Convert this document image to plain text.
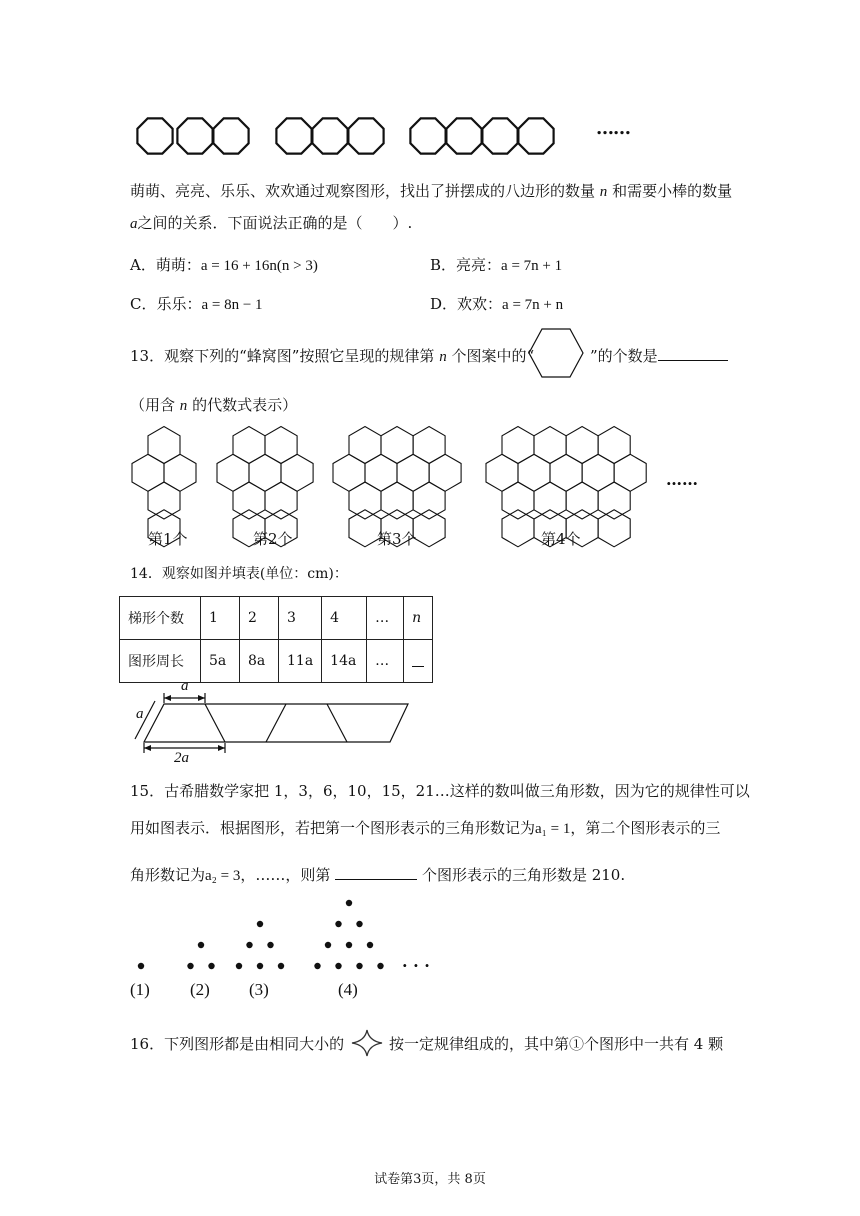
……
萌萌、亮亮、乐乐、欢欢通过观察图形，找出了拼摆成的八边形的数量 n 和需要小棒的数量
a之间的关系．下面说法正确的是（　　）.
A．萌萌：a = 16 + 16n(n > 3)	B．亮亮：a = 7n + 1
C．乐乐：a = 8n − 1	D．欢欢：a = 7n + n
13．观察下列的“蜂窝图”按照它呈现的规律第 n 个图案中的“	”的个数是
（用含 n 的代数式表示）
……
第1个	第2个	第3个	第4个
14．观察如图并填表(单位：cm)：
梯形个数	1	2	3	4	…	n
图形周长	5a	8a	11a	14a	…	
a
a
2a
15．古希腊数学家把 1，3，6，10，15，21…这样的数叫做三角形数，因为它的规律性可以
用如图表示．根据图形，若把第一个图形表示的三角形数记为a₁ = 1，第二个图形表示的三
角形数记为a₂ = 3，……，则第	个图形表示的三角形数是 210.
· · ·
(1) (2) (3)	(4)
16．下列图形都是由相同大小的	按一定规律组成的，其中第①个图形中一共有 4 颗
试卷第3页，共 8页
